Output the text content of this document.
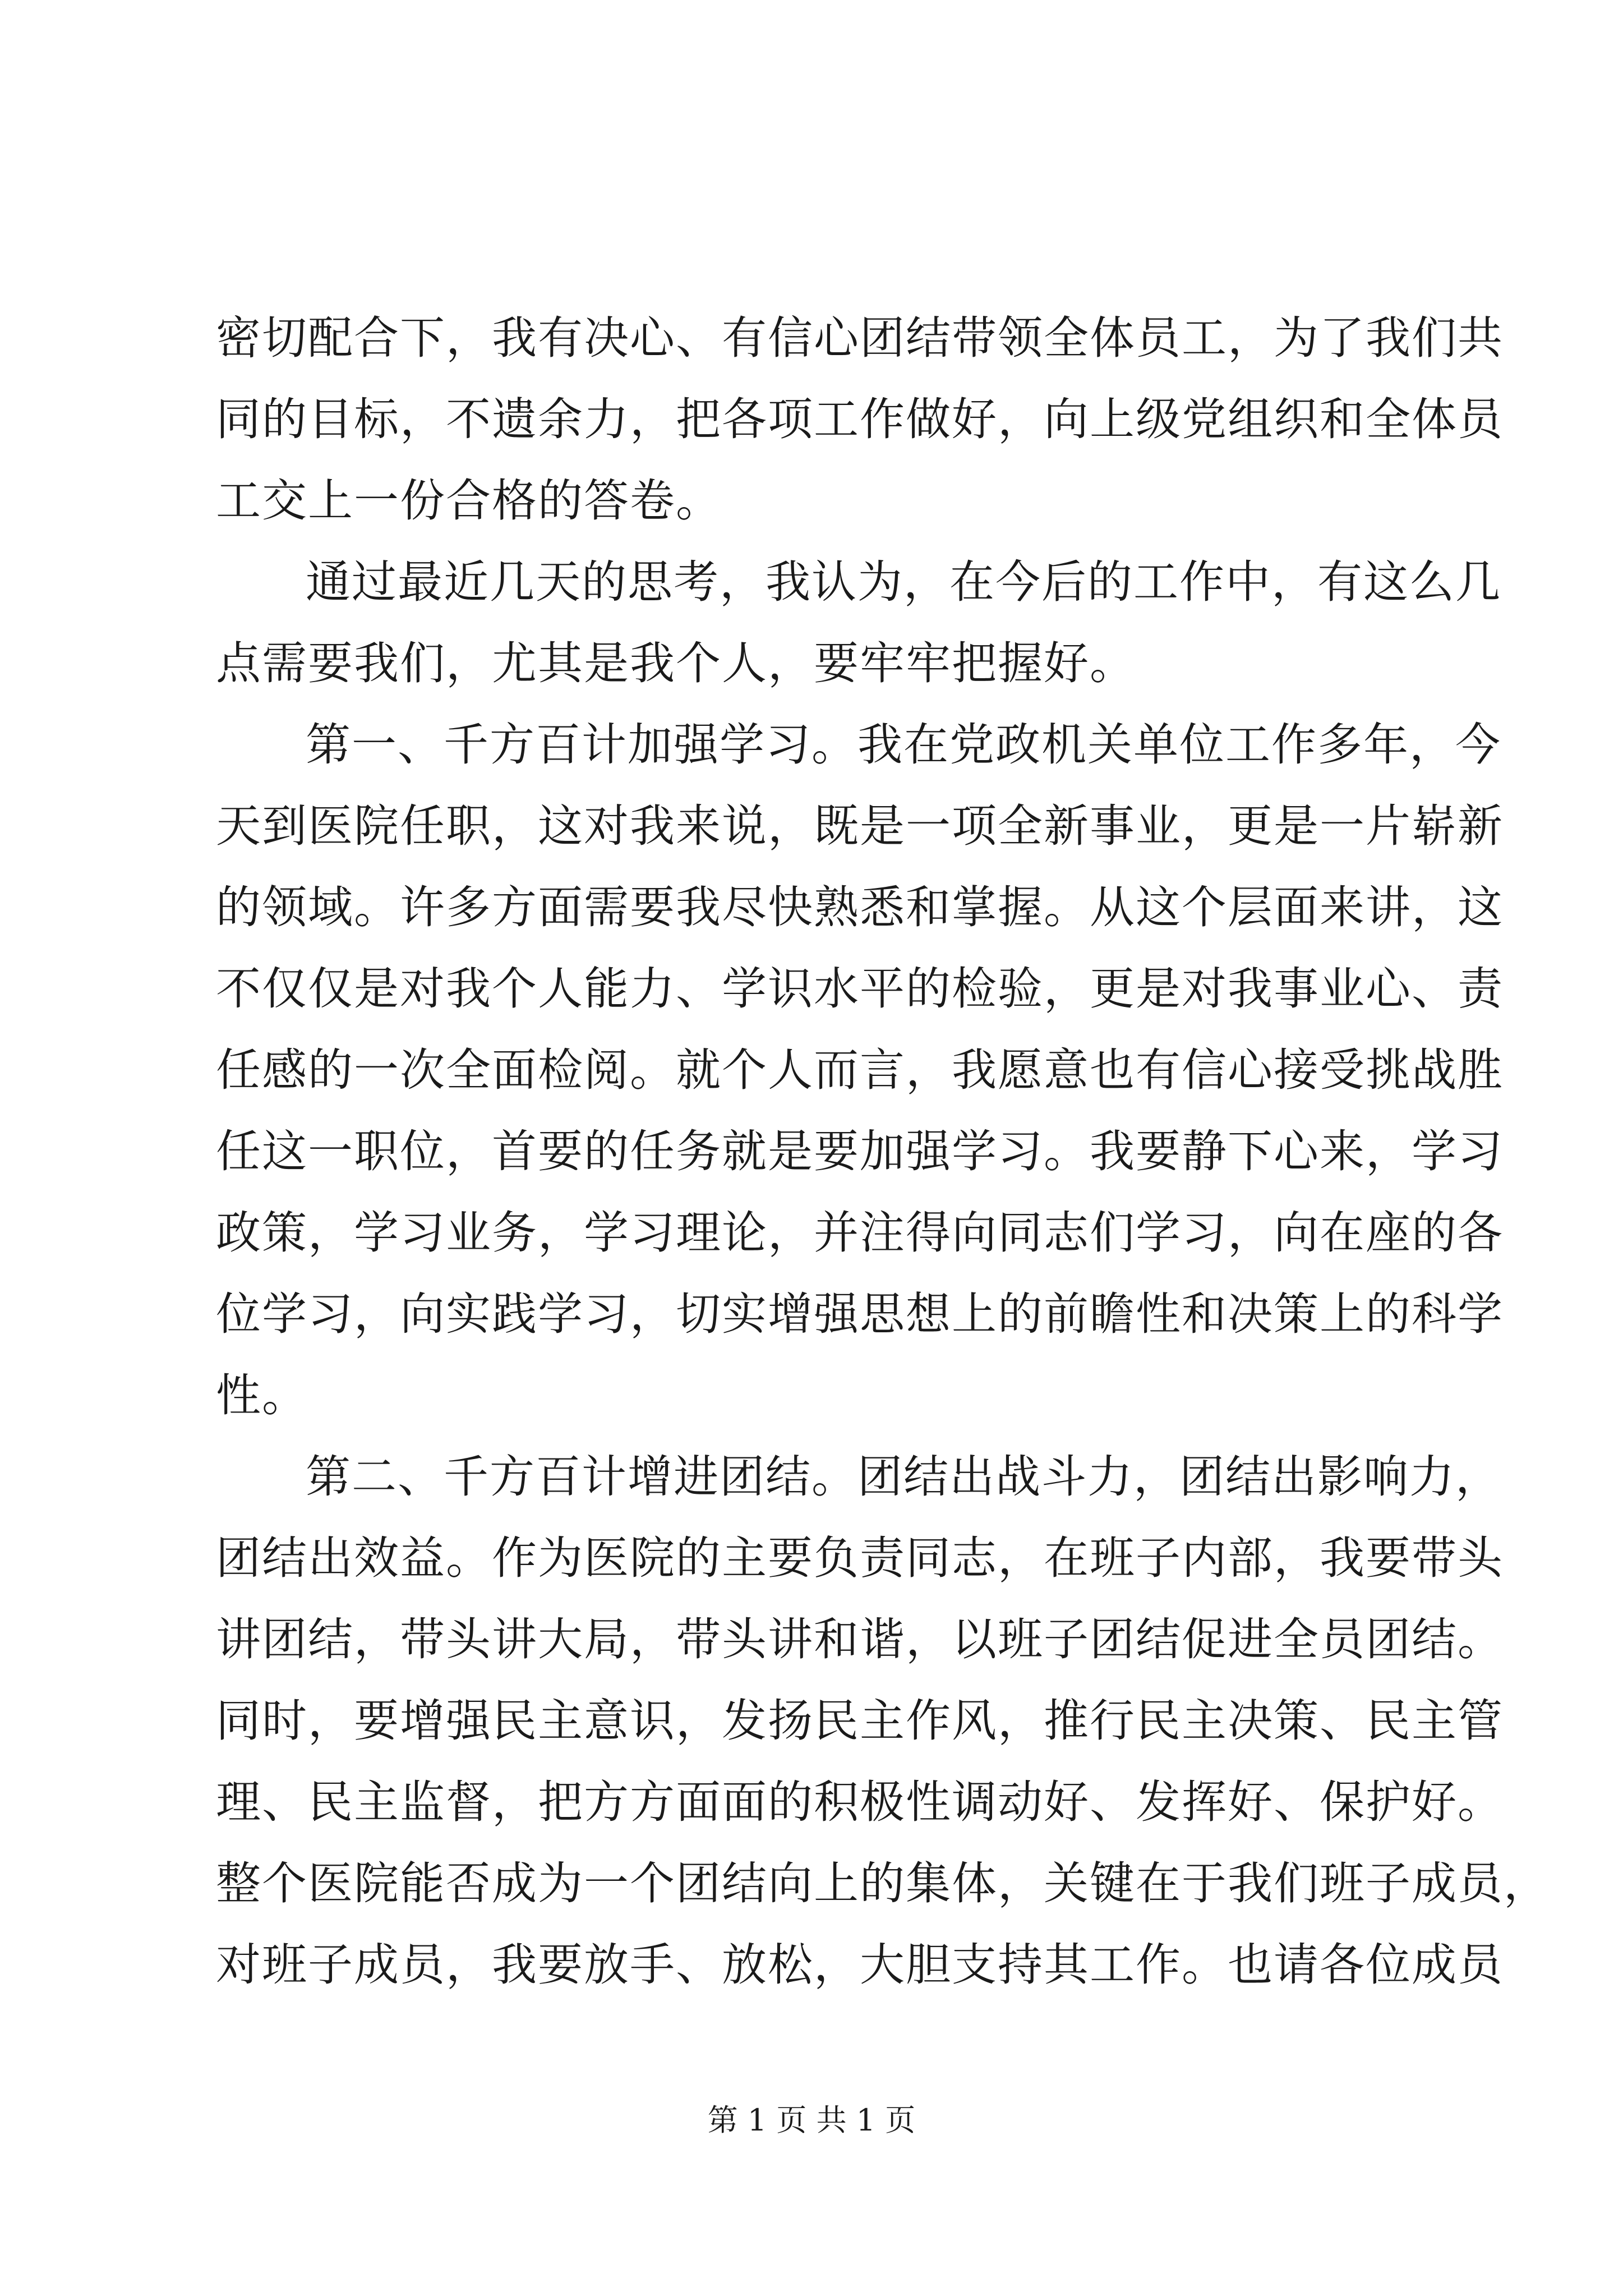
密切配合下，我有决心、有信心团结带领全体员工，为了我们共
同的目标，不遗余力，把各项工作做好，向上级党组织和全体员
工交上一份合格的答卷。
通过最近几天的思考，我认为，在今后的工作中，有这么几
点需要我们，尤其是我个人，要牢牢把握好。
第一、千方百计加强学习。我在党政机关单位工作多年，今
天到医院任职，这对我来说，既是一项全新事业，更是一片崭新
的领域。许多方面需要我尽快熟悉和掌握。从这个层面来讲，这
不仅仅是对我个人能力、学识水平的检验，更是对我事业心、责
任感的一次全面检阅。就个人而言，我愿意也有信心接受挑战胜
任这一职位，首要的任务就是要加强学习。我要静下心来，学习
政策，学习业务，学习理论，并注得向同志们学习，向在座的各
位学习，向实践学习，切实增强思想上的前瞻性和决策上的科学
性。
第二、千方百计增进团结。团结出战斗力，团结出影响力，
团结出效益。作为医院的主要负责同志，在班子内部，我要带头
讲团结，带头讲大局，带头讲和谐，以班子团结促进全员团结。
同时，要增强民主意识，发扬民主作风，推行民主决策、民主管
理、民主监督，把方方面面的积极性调动好、发挥好、保护好。
整个医院能否成为一个团结向上的集体，关键在于我们班子成员，
对班子成员，我要放手、放松，大胆支持其工作。也请各位成员
第 1 页 共 1 页
